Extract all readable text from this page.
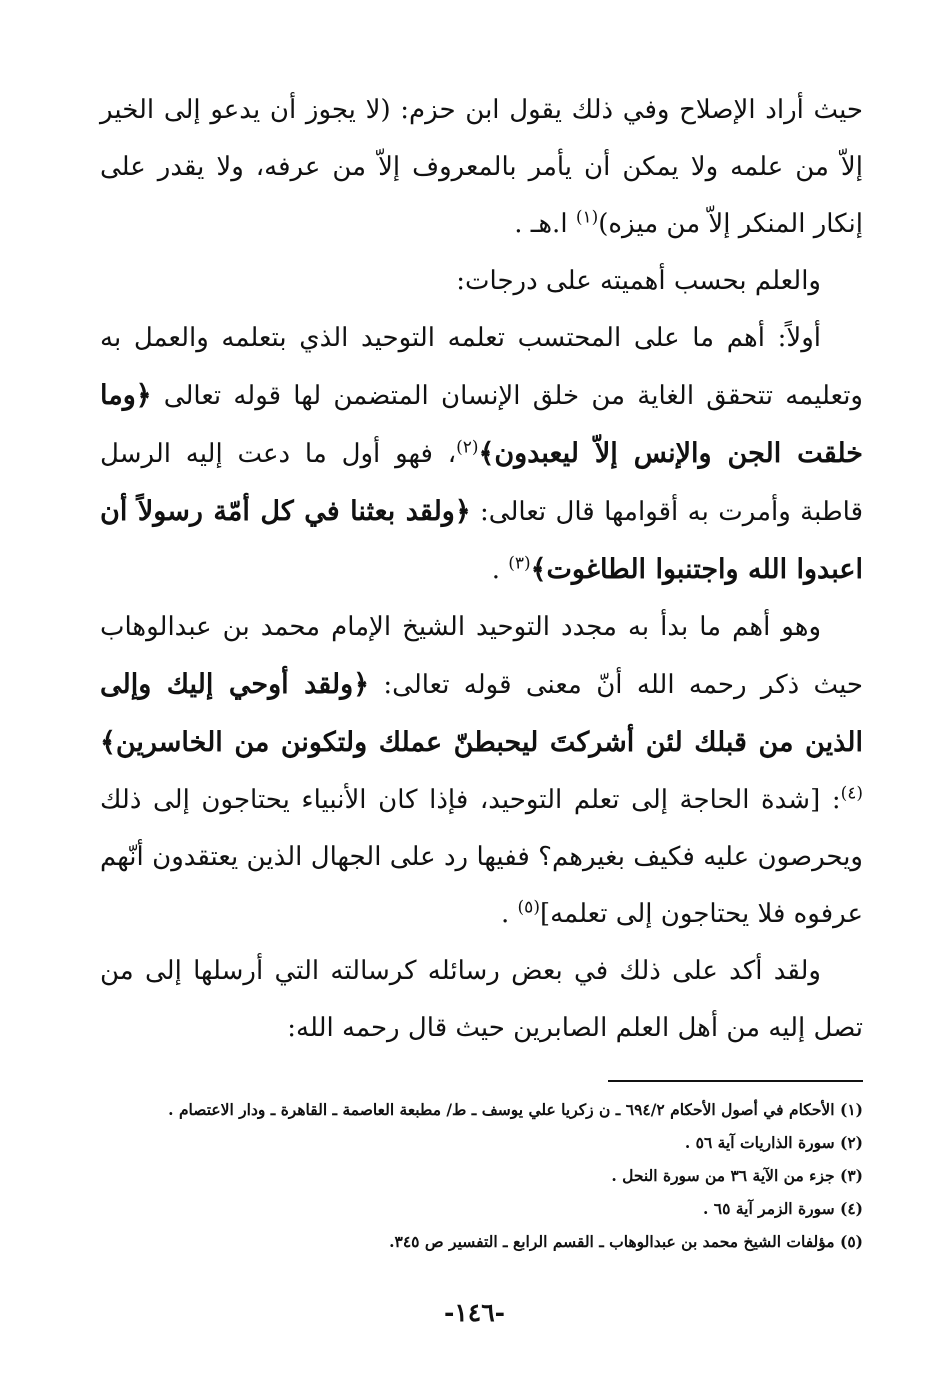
حيث أراد الإصلاح وفي ذلك يقول ابن حزم: (لا يجوز أن يدعو إلى الخير إلاّ من علمه ولا يمكن أن يأمر بالمعروف إلاّ من عرفه، ولا يقدر على إنكار المنكر إلاّ من ميزه)$^{(١)}$ ا.هـ .

والعلم بحسب أهميته على درجات:

أولاً: أهم ما على المحتسب تعلمه التوحيد الذي بتعلمه والعمل به وتعليمه تتحقق الغاية من خلق الإنسان المتضمن لها قوله تعالى ﴿وما خلقت الجن والإنس إلاّ ليعبدون﴾$^{(٢)}$، فهو أول ما دعت إليه الرسل قاطبة وأمرت به أقوامها قال تعالى: ﴿ولقد بعثنا في كل أمّة رسولاً أن اعبدوا الله واجتنبوا الطاغوت﴾$^{(٣)}$ .

وهو أهم ما بدأ به مجدد التوحيد الشيخ الإمام محمد بن عبدالوهاب حيث ذكر رحمه الله أنّ معنى قوله تعالى: ﴿ولقد أوحي إليك وإلى الذين من قبلك لئن أشركتَ ليحبطنّ عملك ولتكونن من الخاسرين﴾$^{(٤)}$: [شدة الحاجة إلى تعلم التوحيد، فإذا كان الأنبياء يحتاجون إلى ذلك ويحرصون عليه فكيف بغيرهم؟ ففيها رد على الجهال الذين يعتقدون أنّهم عرفوه فلا يحتاجون إلى تعلمه]$^{(٥)}$ .

ولقد أكد على ذلك في بعض رسائله كرسالته التي أرسلها إلى من تصل إليه من أهل العلم الصابرين حيث قال رحمه الله:

(١) الأحكام في أصول الأحكام ٦٩٤/٢ ـ ن زكريا علي يوسف ـ ط/ مطبعة العاصمة ـ القاهرة ـ ودار الاعتصام .

(٢) سورة الذاريات آية ٥٦ .

(٣) جزء من الآية ٣٦ من سورة النحل .

(٤) سورة الزمر آية ٦٥ .

(٥) مؤلفات الشيخ محمد بن عبدالوهاب ـ القسم الرابع ـ التفسير ص ٣٤٥.

-١٤٦-
